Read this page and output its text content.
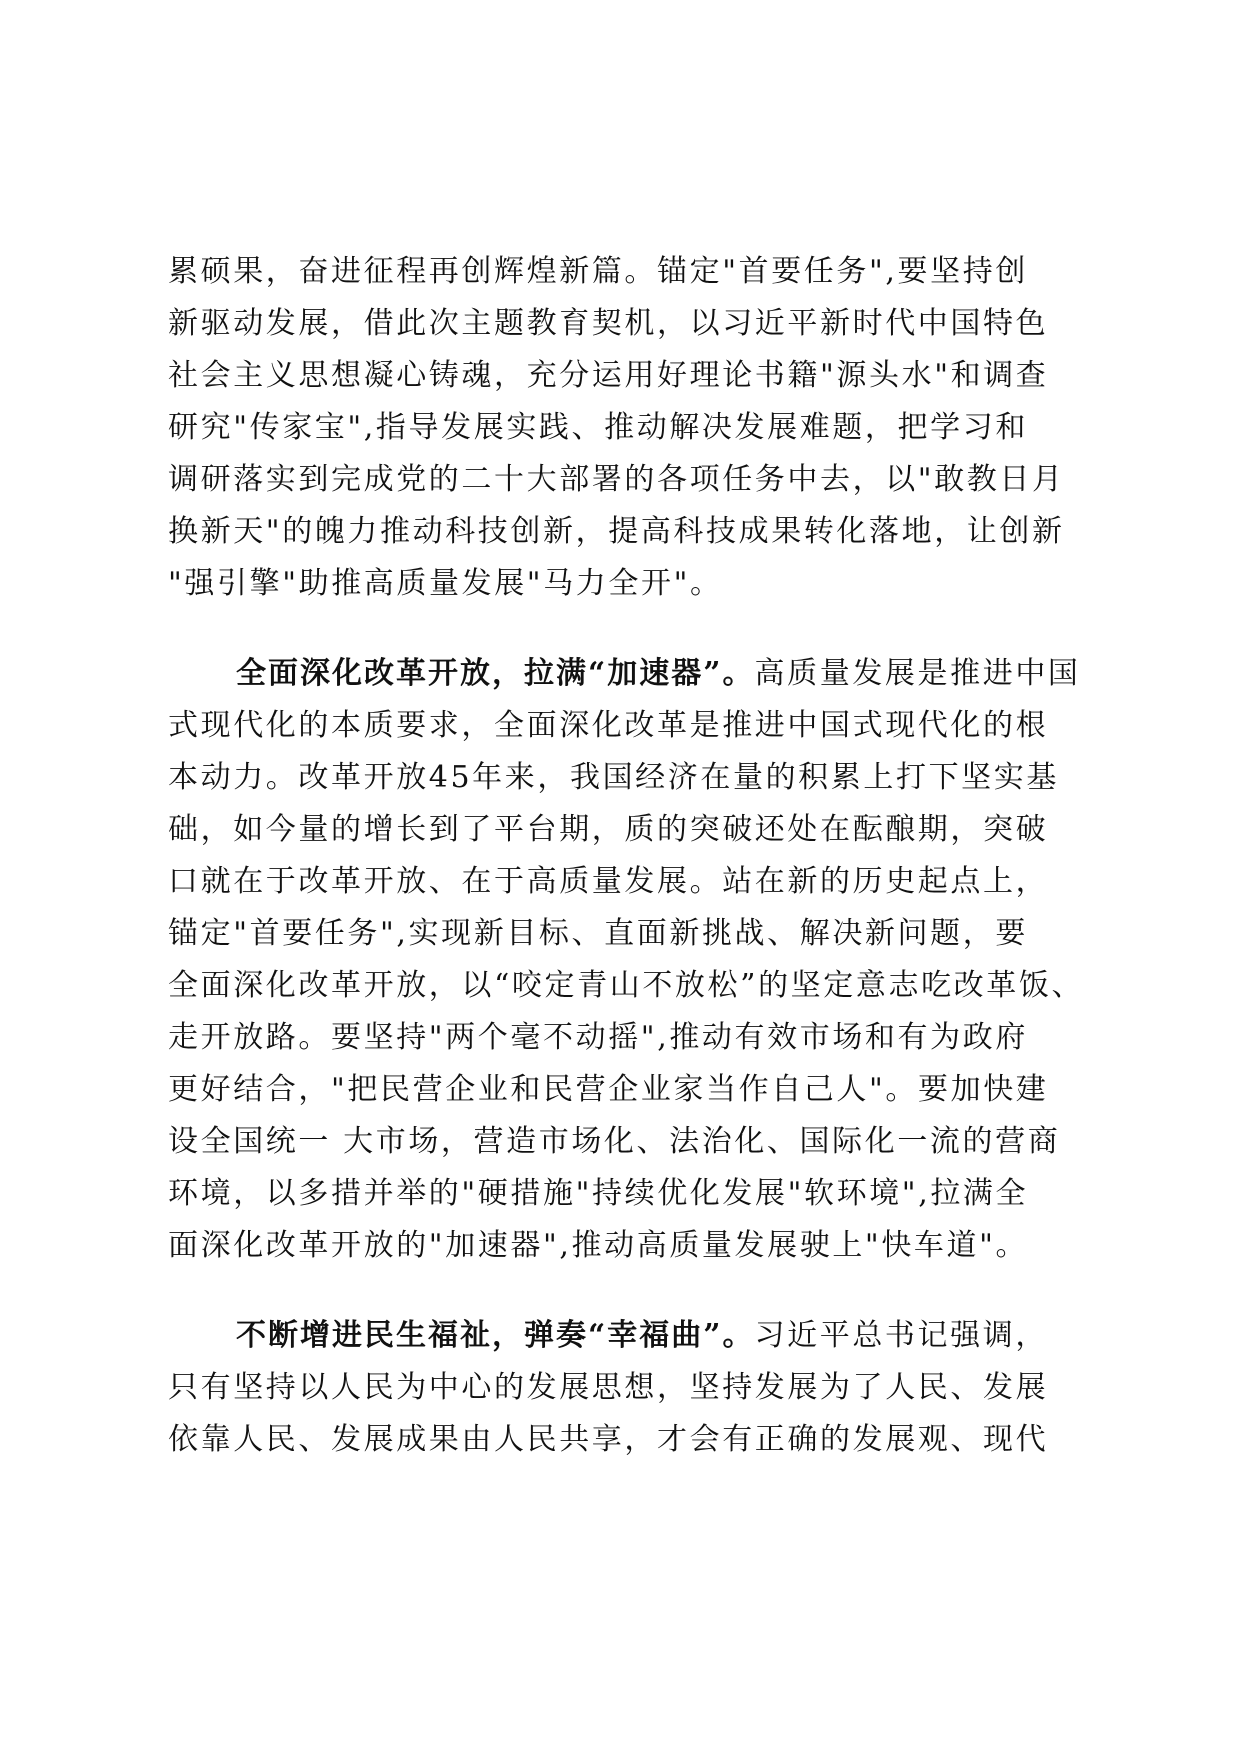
累硕果，奋进征程再创辉煌新篇。锚定"首要任务",要坚持创
新驱动发展，借此次主题教育契机，以习近平新时代中国特色
社会主义思想凝心铸魂，充分运用好理论书籍"源头水"和调查
研究"传家宝",指导发展实践、推动解决发展难题，把学习和
调研落实到完成党的二十大部署的各项任务中去，以"敢教日月
换新天"的魄力推动科技创新，提高科技成果转化落地，让创新
"强引擎"助推高质量发展"马力全开"。
全面深化改革开放，拉满“加速器”。高质量发展是推进中国
式现代化的本质要求，全面深化改革是推进中国式现代化的根
本动力。改革开放45年来，我国经济在量的积累上打下坚实基
础，如今量的增长到了平台期，质的突破还处在酝酿期，突破
口就在于改革开放、在于高质量发展。站在新的历史起点上，
锚定"首要任务",实现新目标、直面新挑战、解决新问题，要
全面深化改革开放，以“咬定青山不放松”的坚定意志吃改革饭、
走开放路。要坚持"两个毫不动摇",推动有效市场和有为政府
更好结合，"把民营企业和民营企业家当作自己人"。要加快建
设全国统一 大市场，营造市场化、法治化、国际化一流的营商
环境，以多措并举的"硬措施"持续优化发展"软环境",拉满全
面深化改革开放的"加速器",推动高质量发展驶上"快车道"。
不断增进民生福祉，弹奏“幸福曲”。习近平总书记强调，
只有坚持以人民为中心的发展思想，坚持发展为了人民、发展
依靠人民、发展成果由人民共享，才会有正确的发展观、现代
